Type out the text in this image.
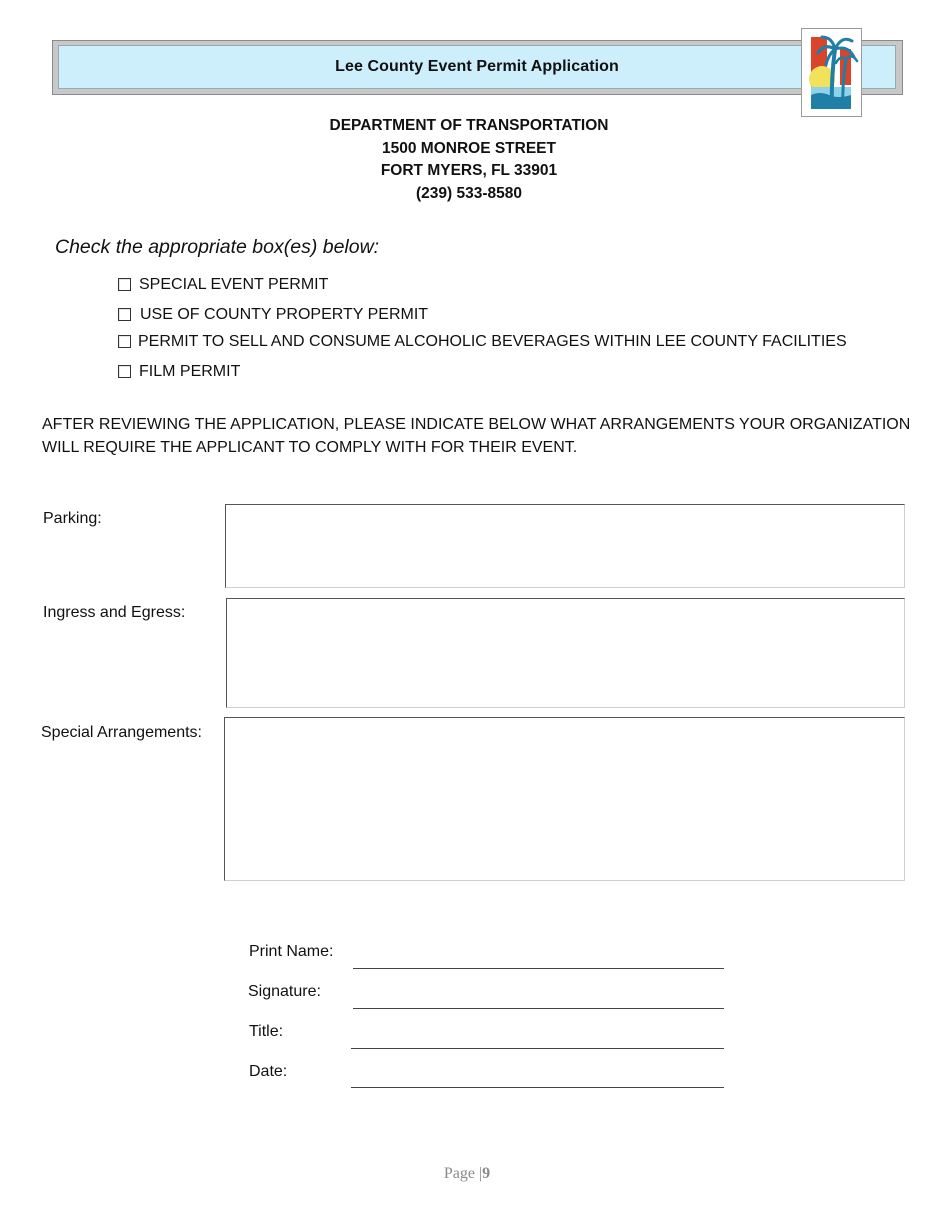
Lee County Event Permit Application
DEPARTMENT OF TRANSPORTATION
1500 MONROE STREET
FORT MYERS, FL 33901
(239) 533-8580
Check the appropriate box(es) below:
SPECIAL EVENT PERMIT
USE OF COUNTY PROPERTY PERMIT
PERMIT TO SELL AND CONSUME ALCOHOLIC BEVERAGES WITHIN LEE COUNTY FACILITIES
FILM PERMIT
AFTER REVIEWING THE APPLICATION, PLEASE INDICATE BELOW WHAT ARRANGEMENTS YOUR ORGANIZATION WILL REQUIRE THE APPLICANT TO COMPLY WITH FOR THEIR EVENT.
Parking:
Ingress and Egress:
Special Arrangements:
Print Name:
Signature:
Title:
Date:
Page |9
